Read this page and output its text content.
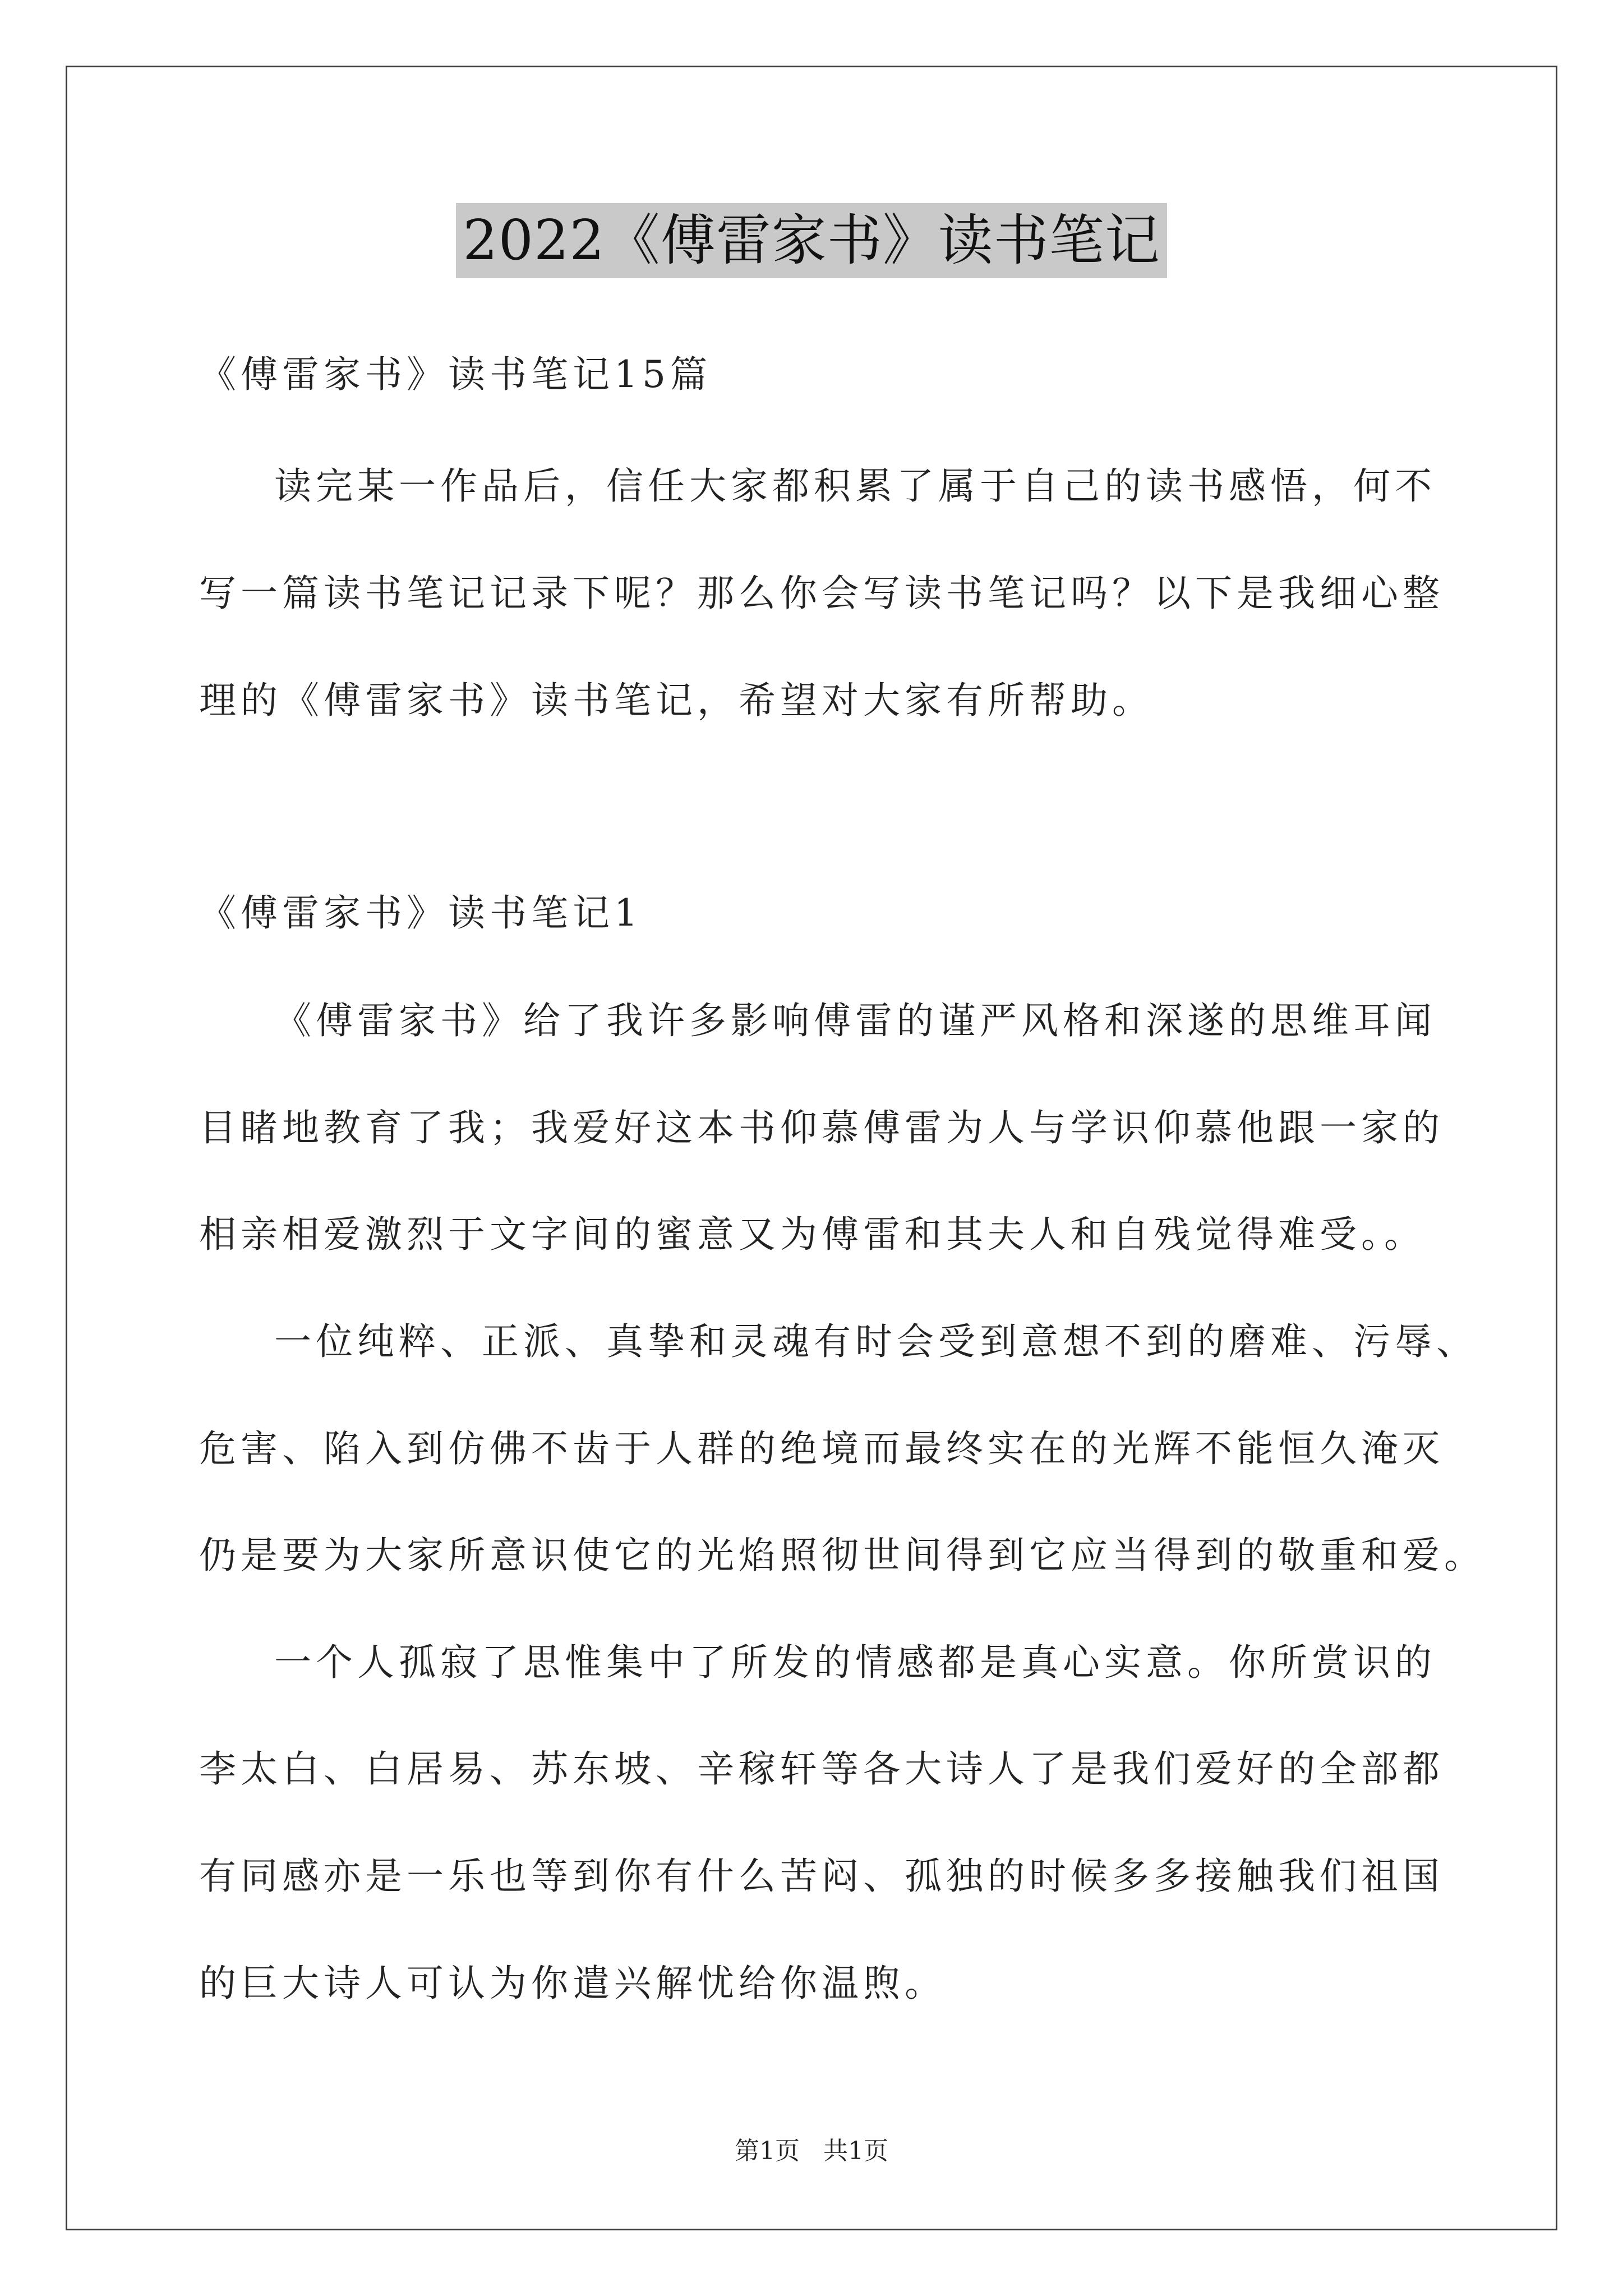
2022《傅雷家书》读书笔记
《傅雷家书》读书笔记15篇
读完某一作品后，信任大家都积累了属于自己的读书感悟，何不
写一篇读书笔记记录下呢？那么你会写读书笔记吗？以下是我细心整
理的《傅雷家书》读书笔记，希望对大家有所帮助。
《傅雷家书》读书笔记1
《傅雷家书》给了我许多影响傅雷的谨严风格和深遂的思维耳闻
目睹地教育了我；我爱好这本书仰慕傅雷为人与学识仰慕他跟一家的
相亲相爱激烈于文字间的蜜意又为傅雷和其夫人和自残觉得难受。。
一位纯粹、正派、真挚和灵魂有时会受到意想不到的磨难、污辱、
危害、陷入到仿佛不齿于人群的绝境而最终实在的光辉不能恒久淹灭
仍是要为大家所意识使它的光焰照彻世间得到它应当得到的敬重和爱。
一个人孤寂了思惟集中了所发的情感都是真心实意。你所赏识的
李太白、白居易、苏东坡、辛稼轩等各大诗人了是我们爱好的全部都
有同感亦是一乐也等到你有什么苦闷、孤独的时候多多接触我们祖国
的巨大诗人可认为你遣兴解忧给你温煦。
第1页   共1页
